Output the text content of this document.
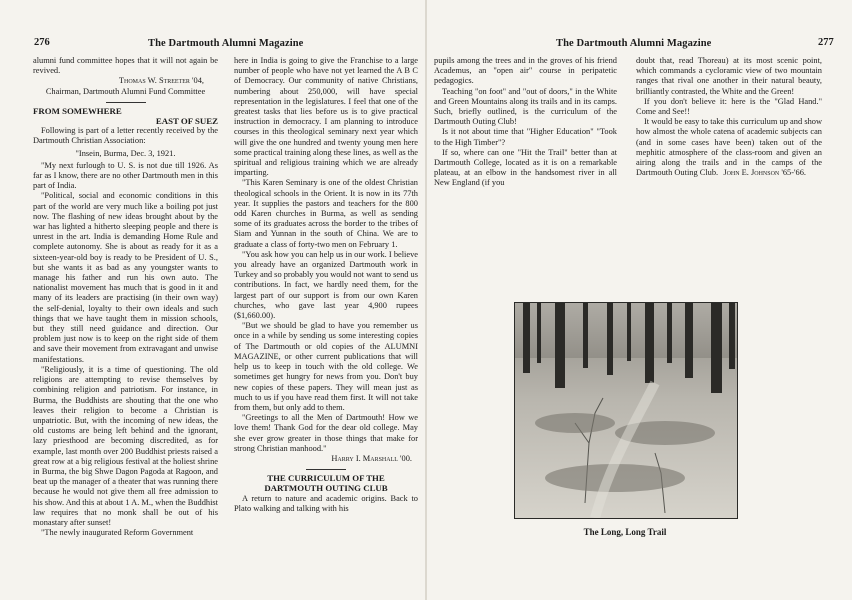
276	The Dartmouth Alumni Magazine

alumni fund committee hopes that it will not again be revived.

Thomas W. Streeter '04,

Chairman, Dartmouth Alumni Fund Committee

FROM SOMEWHERE

EAST OF SUEZ

Following is part of a letter recently received by the Dartmouth Christian Association:

"Insein, Burma, Dec. 3, 1921.

"My next furlough to U. S. is not due till 1926. As far as I know, there are no other Dartmouth men in this part of India.

"Political, social and economic conditions in this part of the world are very much like a boiling pot just now. The flashing of new ideas brought about by the war has lighted a hitherto sleeping people and there is unrest in the art. India is demanding Home Rule and complete autonomy. She is about as ready for it as a sixteen-year-old boy is ready to be President of U. S., but she wants it as bad as any youngster wants to manage his father and run his own auto. The nationalist movement has much that is good in it and many of its leaders are practising (in their own way) the self-denial, loyalty to their own ideals and such things that we have taught them in mission schools, but they still need guidance and direction. Our problem just now is to keep on the right side of them and save their movement from extravagant and unwise manifestations.

"Religiously, it is a time of questioning. The old religions are attempting to revise themselves by combining religion and patriotism. For instance, in Burma, the Buddhists are shouting that the one who leaves their religion to become a Christian is unpatriotic. But, with the incoming of new ideas, the old customs are being left behind and the ignorant, lazy priesthood are becoming discredited, as for example, last month over 200 Buddhist priests raised a great row at a big religious festival at the holiest shrine in Burma, the big Shwe Dagon Pagoda at Ragoon, and beat up the manager of a theater that was running there because he would not give them all free admission to his show. And this at about 1 A. M., when the Buddhist law requires that no monk shall be out of his monastary after sunset!

"The newly inaugurated Reform Government

here in India is going to give the Franchise to a large number of people who have not yet learned the A B C of Democracy. Our community of native Christians, numbering about 250,000, will have special representation in the legislatures. I feel that one of the greatest tasks that lies before us is to give practical instruction in democracy. I am planning to introduce courses in this theological seminary next year which will give the one hundred and twenty young men here some practical training along these lines, as well as the spiritual and religious training which we are already imparting.

"This Karen Seminary is one of the oldest Christian theological schools in the Orient. It is now in its 77th year. It supplies the pastors and teachers for the 800 odd Karen churches in Burma, as well as sending some of its graduates across the border to the tribes of Siam and Yunnan in the south of China. We are to graduate a class of forty-two men on February 1.

"You ask how you can help us in our work. I believe you already have an organized Dartmouth work in Turkey and so probably you would not want to send us contributions. In fact, we hardly need them, for the largest part of our support is from our own Karen churches, who gave last year 4,900 rupees ($1,660.00).

"But we should be glad to have you remember us once in a while by sending us some interesting copies of The Dartmouth or old copies of the ALUMNI MAGAZINE, or other current publications that will help us to keep in touch with the old college. We sometimes get hungry for news from you. Don't buy new copies of these papers. They will mean just as much to us if you have read them first. It will not take from them, but only add to them.

"Greetings to all the Men of Dartmouth! How we love them! Thank God for the dear old college. May she ever grow greater in those things that make for strong Christian manhood."

Harry I. Marshall '00.

THE CURRICULUM OF THE

DARTMOUTH OUTING CLUB

A return to nature and academic origins. Back to Plato walking and talking with his

The Dartmouth Alumni Magazine	277

pupils among the trees and in the groves of his friend Academus, an "open air" course in peripatetic pedagogics.

Teaching "on foot" and "out of doors," in the White and Green Mountains along its trails and in its camps. Such, briefly outlined, is the curriculum of the Dartmouth Outing Club!

Is it not about time that "Higher Education" "Took to the High Timber"?

If so, where can one "Hit the Trail" better than at Dartmouth College, located as it is on a remarkable plateau, at an elbow in the handsomest river in all New England (if you

doubt that, read Thoreau) at its most scenic point, which commands a cycloramic view of two mountain ranges that rival one another in their natural beauty, brilliantly contrasted, the White and the Green!

If you don't believe it: here is the "Glad Hand." Come and See!!

It would be easy to take this curriculum up and show how almost the whole catena of academic subjects can (and in some cases have been) taken out of the mephitic atmosphere of the class-room and given an airing along the trails and in the camps of the Dartmouth Outing Club. John E. Johnson '65-'66.

The Long, Long Trail
